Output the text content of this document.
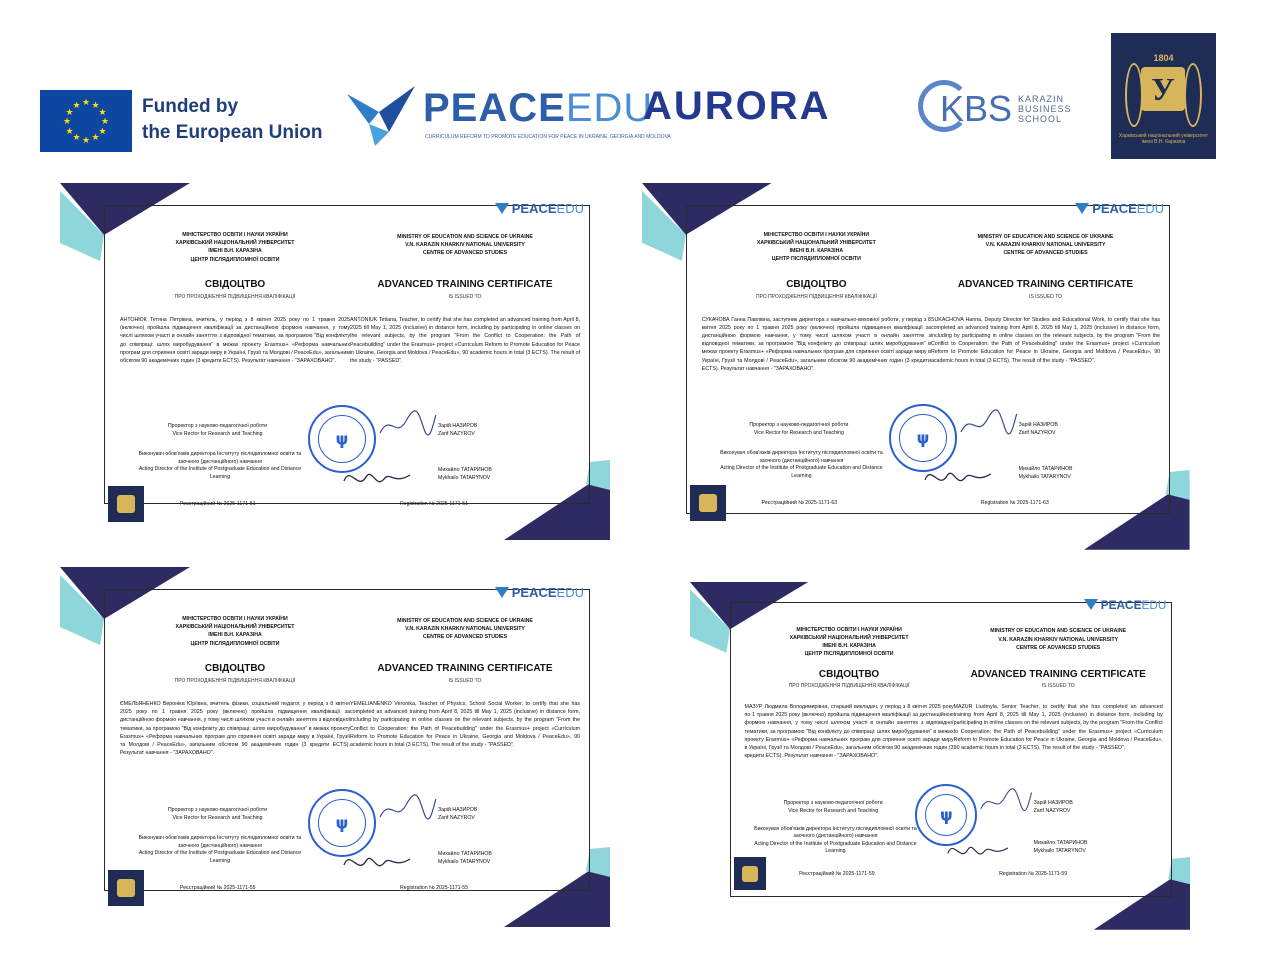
★ ★
★
★
★
★
★
★
★
★
★
★	Funded by
the European Union
PEACEEDU
CURRICULUM REFORM TO PROMOTE EDUCATION FOR PEACE IN UKRAINE, GEORGIA AND MOLDOVA
AURORA	KBS KARAZIN
BUSINESS
SCHOOL
1804
У
Харківський національний університет імені В.Н. Каразіна
PEACEEDU
МІНІСТЕРСТВО ОСВІТИ І НАУКИ УКРАЇНИ
ХАРКІВСЬКИЙ НАЦІОНАЛЬНИЙ УНІВЕРСИТЕТ
ІМЕНІ В.Н. КАРАЗІНА
ЦЕНТР ПІСЛЯДИПЛОМНОЇ ОСВІТИ
MINISTRY OF EDUCATION AND SCIENCE OF UKRAINE
V.N. KARAZIN KHARKIV NATIONAL UNIVERSITY
CENTRE OF ADVANCED STUDIES
СВІДОЦТВО
ПРО ПРОХОДЖЕННЯ ПІДВИЩЕННЯ КВАЛІФІКАЦІЇ
ADVANCED TRAINING CERTIFICATE
IS ISSUED TO
АНТОНЮК Тетяна Петрівна, вчитель, у період з 8 квітня 2025 року по 1 травня 2025 (включно) пройшла підвищення кваліфікації за дистанційною формою навчання, у тому числі шляхом участі в онлайн заняттях з відповідної тематики, за програмою "Від конфлікту до співпраці: шлях миробудування" в межах проекту Erasmus+ «Реформа навчальних програм для сприяння освіті заради миру в Україні, Грузії та Молдові / PeaceEdu», загальним обсягом 90 академічних годин (3 кредити ECTS). Результат навчання - "ЗАРАХОВАНО".
ANTONIUK Tetiana, Teacher, to certify that she has completed an advanced training from April 8, 2025 till May 1, 2025 (inclusive) in distance form, including by participating in online classes on the relevant subjects, by the program "From the Conflict to Cooperation: the Path of Peacebuilding" under the Erasmus+ project «Curriculum Reform to Promote Education for Peace in Ukraine, Georgia and Moldova / PeaceEdu», 90 academic hours in total (3 ECTS). The result of the study - "PASSED".
Проректор з науково-педагогічної роботи
Vice Rector for Research and Teaching
Зарій НАЗИРОВ
Zarif NAZYROV
Виконувач обов'язків директора Інституту післядипломної освіти та заочного (дистанційного) навчання
Acting Director of the Institute of Postgraduate Education and Distance Learning
Михайло ТАТАРИНОВ
Mykhailo TATARYNOV
ψ
Реєстраційний № 2025-1171-51	Registration № 2025-1171-51
PEACEEDU
МІНІСТЕРСТВО ОСВІТИ І НАУКИ УКРАЇНИ
ХАРКІВСЬКИЙ НАЦІОНАЛЬНИЙ УНІВЕРСИТЕТ
ІМЕНІ В.Н. КАРАЗІНА
ЦЕНТР ПІСЛЯДИПЛОМНОЇ ОСВІТИ
MINISTRY OF EDUCATION AND SCIENCE OF UKRAINE
V.N. KARAZIN KHARKIV NATIONAL UNIVERSITY
CENTRE OF ADVANCED STUDIES
СВІДОЦТВО
ПРО ПРОХОДЖЕННЯ ПІДВИЩЕННЯ КВАЛІФІКАЦІЇ
ADVANCED TRAINING CERTIFICATE
IS ISSUED TO
СУКАЧОВА Ганна Павлівна, заступник директора з навчально-виховної роботи, у період з 8 квітня 2025 року по 1 травня 2025 року (включно) пройшла підвищення кваліфікації за дистанційною формою навчання, у тому числі шляхом участі в онлайн заняттях з відповідної тематики, за програмою "Від конфлікту до співпраці: шлях миробудування" в межах проекту Erasmus+ «Реформа навчальних програм для сприяння освіті заради миру в Україні, Грузії та Молдові / PeaceEdu», загальним обсягом 90 академічних годин (3 кредити ECTS). Результат навчання - "ЗАРАХОВАНО".
SUKACHOVA Hanna, Deputy Director for Studies and Educational Work, to certify that she has completed an advanced training from April 8, 2025 till May 1, 2025 (inclusive) in distance form, including by participating in online classes on the relevant subjects, by the program "From the Conflict to Cooperation: the Path of Peacebuilding" under the Erasmus+ project «Curriculum Reform to Promote Education for Peace in Ukraine, Georgia and Moldova / PeaceEdu», 90 academic hours in total (3 ECTS). The result of the study - "PASSED".
Проректор з науково-педагогічної роботи
Vice Rector for Research and Teaching
Зарій НАЗИРОВ
Zarif NAZYROV
Виконувач обов'язків директора Інституту післядипломної освіти та заочного (дистанційного) навчання
Acting Director of the Institute of Postgraduate Education and Distance Learning
Михайло ТАТАРИНОВ
Mykhailo TATARYNOV
ψ
Реєстраційний № 2025-1171-63	Registration № 2025-1171-63
PEACEEDU
МІНІСТЕРСТВО ОСВІТИ І НАУКИ УКРАЇНИ
ХАРКІВСЬКИЙ НАЦІОНАЛЬНИЙ УНІВЕРСИТЕТ
ІМЕНІ В.Н. КАРАЗІНА
ЦЕНТР ПІСЛЯДИПЛОМНОЇ ОСВІТИ
MINISTRY OF EDUCATION AND SCIENCE OF UKRAINE
V.N. KARAZIN KHARKIV NATIONAL UNIVERSITY
CENTRE OF ADVANCED STUDIES
СВІДОЦТВО
ПРО ПРОХОДЖЕННЯ ПІДВИЩЕННЯ КВАЛІФІКАЦІЇ
ADVANCED TRAINING CERTIFICATE
IS ISSUED TO
ЄМЕЛЬЯНЕНКО Вероніка Юріївна, вчитель фізики, соціальний педагог, у період з 8 квітня 2025 року по 1 травня 2025 року (включно) пройшла підвищення кваліфікації за дистанційною формою навчання, у тому числі шляхом участі в онлайн заняттях з відповідної тематики, за програмою "Від конфлікту до співпраці: шлях миробудування" в межах проекту Erasmus+ «Реформа навчальних програм для сприяння освіті заради миру в Україні, Грузії та Молдові / PeaceEdu», загальним обсягом 90 академічних годин (3 кредити ECTS). Результат навчання - "ЗАРАХОВАНО".
YEMELIANENKO Veronika, Teacher of Physics, School Social Worker, to certify that she has completed an advanced training from April 8, 2025 till May 1, 2025 (inclusive) in distance form, including by participating in online classes on the relevant subjects, by the program "From the Conflict to Cooperation: the Path of Peacebuilding" under the Erasmus+ project «Curriculum Reform to Promote Education for Peace in Ukraine, Georgia and Moldova / PeaceEdu», 90 academic hours in total (3 ECTS). The result of the study - "PASSED".
Проректор з науково-педагогічної роботи
Vice Rector for Research and Teaching
Зарій НАЗИРОВ
Zarif NAZYROV
Виконувач обов'язків директора Інституту післядипломної освіти та заочного (дистанційного) навчання
Acting Director of the Institute of Postgraduate Education and Distance Learning
Михайло ТАТАРИНОВ
Mykhailo TATARYNOV
ψ
Реєстраційний № 2025-1171-55	Registration № 2025-1171-55
PEACEEDU
МІНІСТЕРСТВО ОСВІТИ І НАУКИ УКРАЇНИ
ХАРКІВСЬКИЙ НАЦІОНАЛЬНИЙ УНІВЕРСИТЕТ
ІМЕНІ В.Н. КАРАЗІНА
ЦЕНТР ПІСЛЯДИПЛОМНОЇ ОСВІТИ
MINISTRY OF EDUCATION AND SCIENCE OF UKRAINE
V.N. KARAZIN KHARKIV NATIONAL UNIVERSITY
CENTRE OF ADVANCED STUDIES
СВІДОЦТВО
ПРО ПРОХОДЖЕННЯ ПІДВИЩЕННЯ КВАЛІФІКАЦІЇ
ADVANCED TRAINING CERTIFICATE
IS ISSUED TO
МАЗУР Людмила Володимирівна, старший викладач, у період з 8 квітня 2025 року по 1 травня 2025 року (включно) пройшла підвищення кваліфікації за дистанційною формою навчання, у тому числі шляхом участі в онлайн заняттях з відповідної тематики, за програмою "Від конфлікту до співпраці: шлях миробудування" в межах проекту Erasmus+ «Реформа навчальних програм для сприяння освіті заради миру в Україні, Грузії та Молдові / PeaceEdu», загальним обсягом 90 академічних годин (3 кредити ECTS). Результат навчання - "ЗАРАХОВАНО".
MAZUR Liudmyla, Senior Teacher, to certify that she has completed an advanced training from April 8, 2025 till May 1, 2025 (inclusive) in distance form, including by participating in online classes on the relevant subjects, by the program "From the Conflict to Cooperation: the Path of Peacebuilding" under the Erasmus+ project «Curriculum Reform to Promote Education for Peace in Ukraine, Georgia and Moldova / PeaceEdu», 90 academic hours in total (3 ECTS). The result of the study - "PASSED".
Проректор з науково-педагогічної роботи
Vice Rector for Research and Teaching
Зарій НАЗИРОВ
Zarif NAZYROV
Виконувач обов'язків директора Інституту післядипломної освіти та заочного (дистанційного) навчання
Acting Director of the Institute of Postgraduate Education and Distance Learning
Михайло ТАТАРИНОВ
Mykhailo TATARYNOV
ψ
Реєстраційний № 2025-1171-59	Registration № 2025-1171-59
